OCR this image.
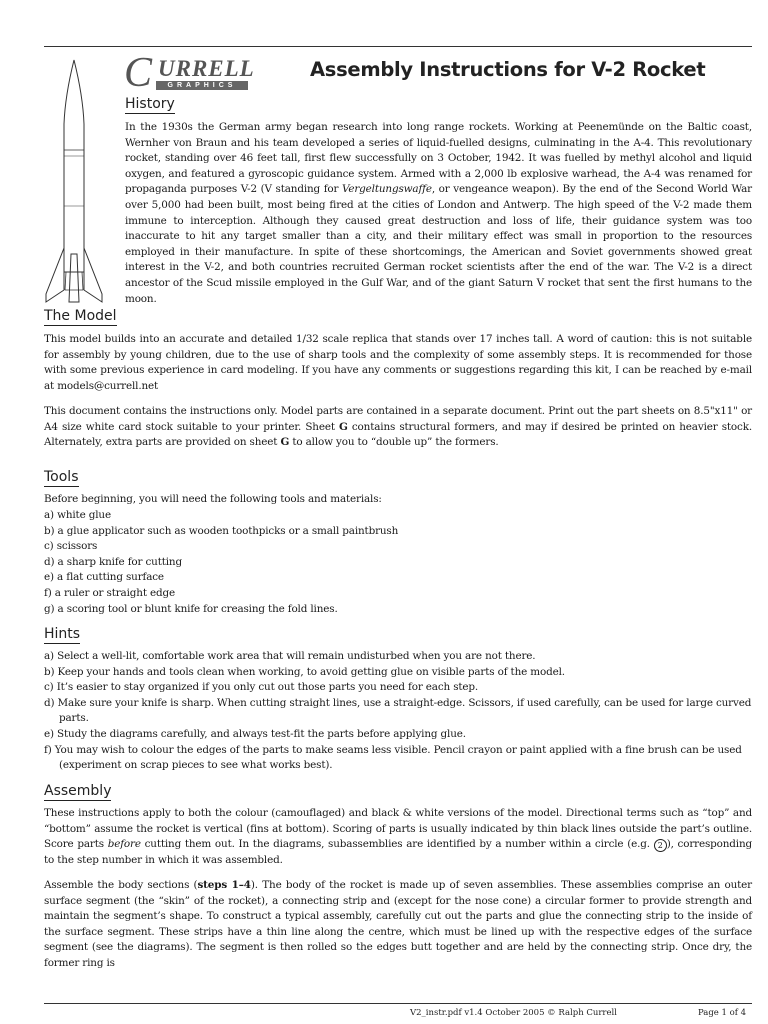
C URRELL
GRAPHICS
Assembly Instructions for V-2 Rocket
History

In the 1930s the German army began research into long range rockets. Working at Peenemünde on the Baltic coast, Wernher von Braun and his team developed a series of liquid-fuelled designs, culminating in the A-4. This revolutionary rocket, standing over 46 feet tall, first flew successfully on 3 October, 1942. It was fuelled by methyl alcohol and liquid oxygen, and featured a gyroscopic guidance system. Armed with a 2,000 lb explosive warhead, the A-4 was renamed for propaganda purposes V-2 (V standing for Vergeltungswaffe, or vengeance weapon). By the end of the Second World War over 5,000 had been built, most being fired at the cities of London and Antwerp. The high speed of the V-2 made them immune to interception. Although they caused great destruction and loss of life, their guidance system was too inaccurate to hit any target smaller than a city, and their military effect was small in proportion to the resources employed in their manufacture. In spite of these shortcomings, the American and Soviet governments showed great interest in the V-2, and both countries recruited German rocket scientists after the end of the war. The V-2 is a direct ancestor of the Scud missile employed in the Gulf War, and of the giant Saturn V rocket that sent the first humans to the moon.

The Model

This model builds into an accurate and detailed 1/32 scale replica that stands over 17 inches tall. A word of caution: this is not suitable for assembly by young children, due to the use of sharp tools and the complexity of some assembly steps. It is recommended for those with some previous experience in card modeling. If you have any comments or suggestions regarding this kit, I can be reached by e-mail at models@currell.net

This document contains the instructions only. Model parts are contained in a separate document. Print out the part sheets on 8.5"x11" or A4 size white card stock suitable to your printer. Sheet G contains structural formers, and may if desired be printed on heavier stock. Alternately, extra parts are provided on sheet G to allow you to “double up” the formers.

Tools

Before beginning, you will need the following tools and materials:

a) white glue
b) a glue applicator such as wooden toothpicks or a small paintbrush
c) scissors
d) a sharp knife for cutting
e) a flat cutting surface
f) a ruler or straight edge
g) a scoring tool or blunt knife for creasing the fold lines.
Hints
a) Select a well-lit, comfortable work area that will remain undisturbed when you are not there.
b) Keep your hands and tools clean when working, to avoid getting glue on visible parts of the model.
c) It’s easier to stay organized if you only cut out those parts you need for each step.
d) Make sure your knife is sharp. When cutting straight lines, use a straight-edge. Scissors, if used carefully, can be used for large curved parts.
e) Study the diagrams carefully, and always test-fit the parts before applying glue.
f) You may wish to colour the edges of the parts to make seams less visible. Pencil crayon or paint applied with a fine brush can be used (experiment on scrap pieces to see what works best).
Assembly

These instructions apply to both the colour (camouflaged) and black & white versions of the model. Directional terms such as “top” and “bottom” assume the rocket is vertical (fins at bottom). Scoring of parts is usually indicated by thin black lines outside the part’s outline. Score parts before cutting them out. In the diagrams, subassemblies are identified by a number within a circle (e.g. 2 ), corresponding to the step number in which it was assembled.

Assemble the body sections (steps 1–4). The body of the rocket is made up of seven assemblies. These assemblies comprise an outer surface segment (the “skin” of the rocket), a connecting strip and (except for the nose cone) a circular former to provide strength and maintain the segment’s shape. To construct a typical assembly, carefully cut out the parts and glue the connecting strip to the inside of the surface segment. These strips have a thin line along the centre, which must be lined up with the respective edges of the surface segment (see the diagrams). The segment is then rolled so the edges butt together and are held by the connecting strip. Once dry, the former ring is

V2_instr.pdf v1.4 October 2005 © Ralph Currell	Page 1 of 4
